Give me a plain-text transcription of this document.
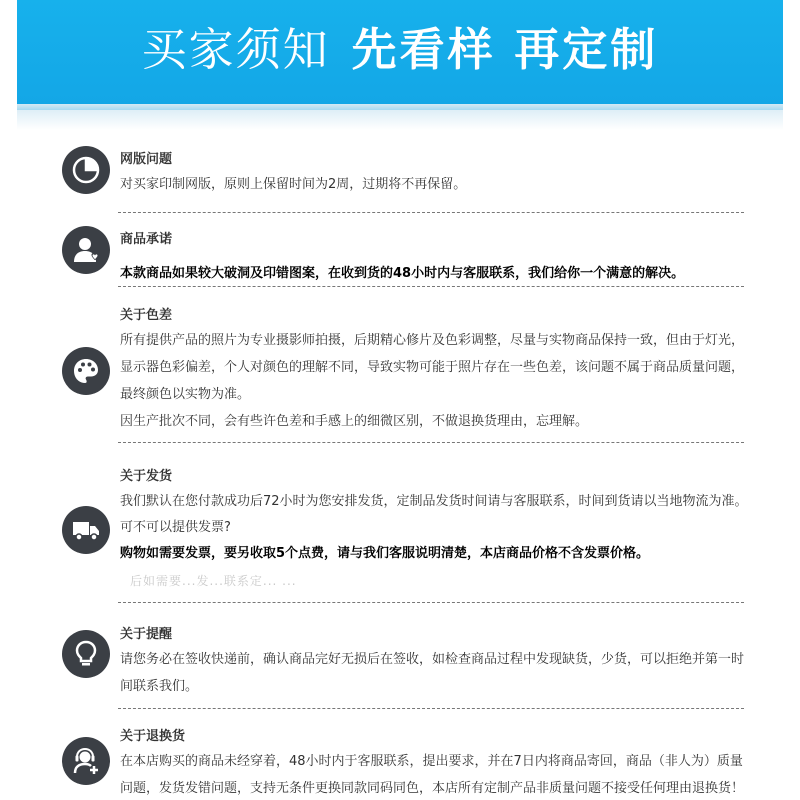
买家须知 先看样 再定制
网版问题
对买家印制网版，原则上保留时间为2周，过期将不再保留。
商品承诺
本款商品如果较大破洞及印错图案，在收到货的48小时内与客服联系，我们给你一个满意的解决。
关于色差
所有提供产品的照片为专业摄影师拍摄，后期精心修片及色彩调整，尽量与实物商品保持一致，但由于灯光，
显示器色彩偏差，个人对颜色的理解不同，导致实物可能于照片存在一些色差，该问题不属于商品质量问题，
最终颜色以实物为准。
因生产批次不同，会有些许色差和手感上的细微区别，不做退换货理由，忘理解。
关于发货
我们默认在您付款成功后72小时为您安排发货，定制品发货时间请与客服联系，时间到货请以当地物流为准。
可不可以提供发票?
购物如需要发票，要另收取5个点费，请与我们客服说明清楚，本店商品价格不含发票价格。
后如需要...发...联系定... ...
关于提醒
请您务必在签收快递前，确认商品完好无损后在签收，如检查商品过程中发现缺货，少货，可以拒绝并第一时
间联系我们。
关于退换货
在本店购买的商品未经穿着，48小时内于客服联系，提出要求，并在7日内将商品寄回，商品（非人为）质量
问题，发货发错问题，支持无条件更换同款同码同色，本店所有定制产品非质量问题不接受任何理由退换货！
